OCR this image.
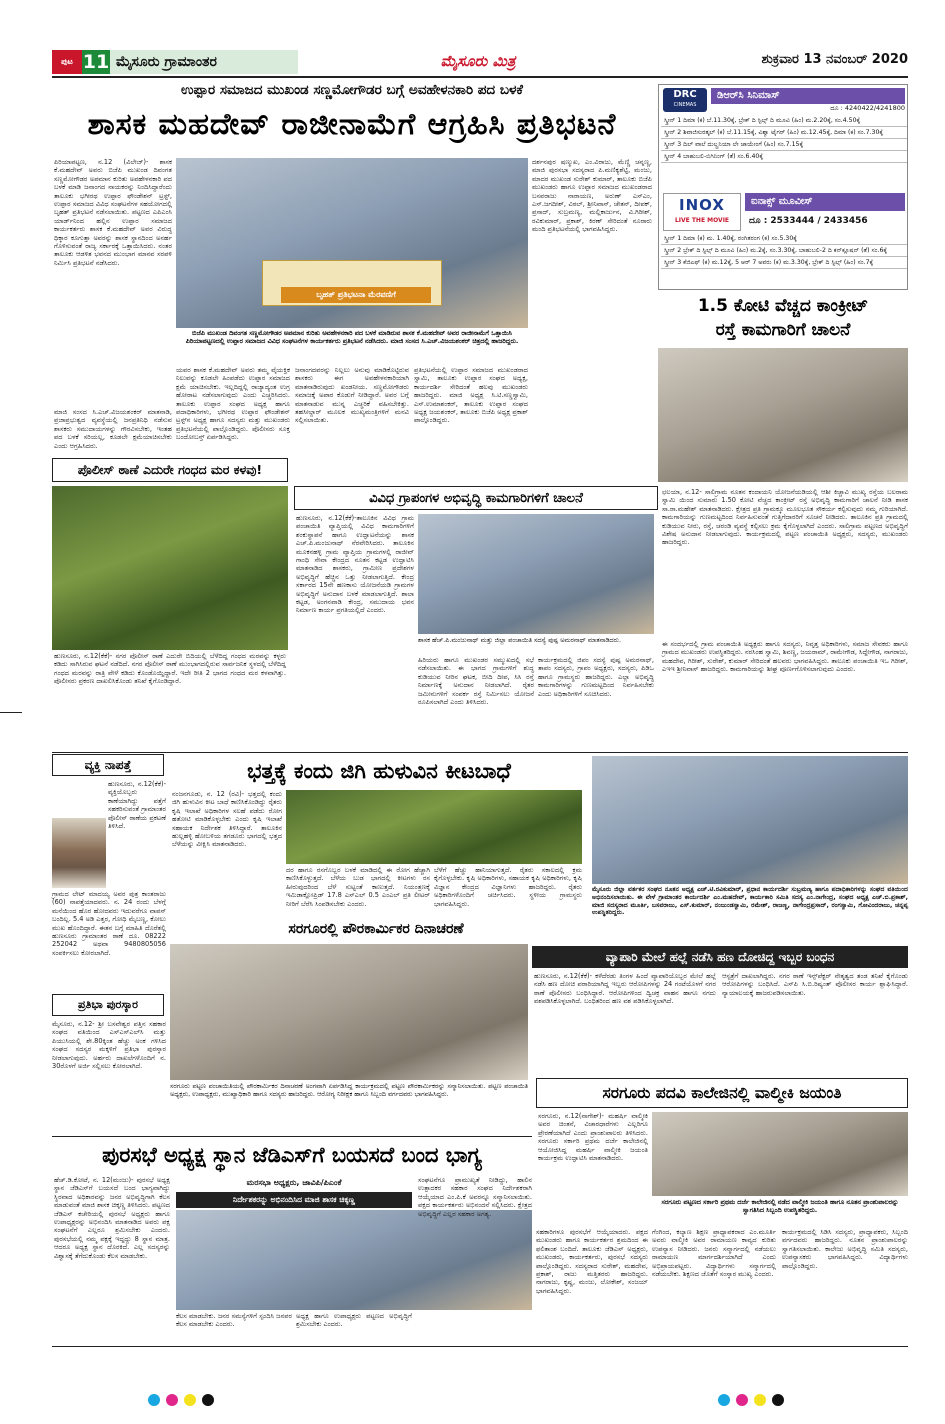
ಪುಟ 11 ಮೈಸೂರು ಗ್ರಾಮಾಂತರ	ಮೈಸೂರು ಮಿತ್ರ	ಶುಕ್ರವಾರ 13 ನವಂಬರ್ 2020
ಉಪ್ಪಾರ ಸಮಾಜದ ಮುಖಂಡ ಸಣ್ಣಮೋಗೌಡರ ಬಗ್ಗೆ ಅವಹೇಳನಕಾರಿ ಪದ ಬಳಕೆ
ಶಾಸಕ ಮಹದೇವ್ ರಾಜೀನಾಮೆಗೆ ಆಗ್ರಹಿಸಿ ಪ್ರತಿಭಟನೆ
ಪಿರಿಯಾಪಟ್ಟಣ, ನ.12 (ವಿಲೇಜ್)- ಶಾಸಕ ಕೆ.ಮಹದೇವ್ ಅವರು ಬಿಜೆಪಿ ಮುಖಂಡ ದಿವಂಗತ ಸಣ್ಣಮೋಗೌಡರ ಅಪಮಾನ ಕುರಿತು ಅವಹೇಳನಕಾರಿ ಪದ ಬಳಕೆ ಮಾಡಿ ಜನಾಂಗದ ನಾಯಕರನ್ನು ನಿಂದಿಸಿದ್ದಾರೆಂದು ತಾಲೂಕು ಭಗೀರಥ ಉಪ್ಪಾರ ಫೌಂಡೇಶನ್ ಟ್ರಸ್ಟ್, ಉಪ್ಪಾರ ಸಮಾಜದ ವಿವಿಧ ಸಂಘಟನೆಗಳ ಸಹಯೋಗದಲ್ಲಿ ಬೃಹತ್ ಪ್ರತಿಭಟನೆ ನಡೆಸಲಾಯಿತು. ಪಟ್ಟಣದ ಎಪಿಎಂಸಿ ಯಾರ್ಡ್‌ನಿಂದ ಹಲ್ಲಿನ ಉಪ್ಪಾರ ಸಮಾಜದ ಕಾರ್ಯಕರ್ತರು ಶಾಸಕ ಕೆ.ಮಹದೇವ್ ಅವರ ವಿರುದ್ಧ ಧಿಕ್ಕಾರ ಕೂಗುತ್ತಾ ಅವರನ್ನು ಶಾಸಕ ಸ್ಥಾನದಿಂದ ಅನರ್ಹ ಗೊಳಿಸುವಂತೆ ರಾಜ್ಯ ಸರ್ಕಾರಕ್ಕೆ ಒತ್ತಾಯಿಸಿದರು. ನಂತರ ತಾಲೂಕು ಆಡಳಿತ ಭವನದ ಮುಂಭಾಗ ಮಾನವ ಸರಪಳಿ ನಿರ್ಮಿಸಿ ಪ್ರತಿಭಟನೆ ನಡೆಸಿದರು.
ಮಾಜಿ ಸಂಸದ ಸಿ.ಎಚ್.ವಿಜಯಶಂಕರ್ ಮಾತನಾಡಿ, ಪ್ರಜಾಪ್ರಭುತ್ವದ ವ್ಯವಸ್ಥೆಯಲ್ಲಿ ಜನಪ್ರತಿನಿಧಿ ನಡೆಸುವ ಶಾಸಕರು ಸಮುದಾಯಗಳನ್ನು ಗೌರವಿಸಬೇಕು, ಇಂತಹ ಪದ ಬಳಕೆ ಸರಿಯಲ್ಲ, ಕೂಡಲೇ ಕ್ಷಮೆಯಾಚಿಸಬೇಕು ಎಂದು ಆಗ್ರಹಿಸಿದರು.
ಬೃಹತ್ ಪ್ರತಿಭಟನಾ ಮೆರವಣಿಗೆ
ಬಿಜೆಪಿ ಮುಖಂಡ ದಿವಂಗತ ಸಣ್ಣಮೋಗೌಡರ ಅಪಮಾನ ಕುರಿತು ಅವಹೇಳನಕಾರಿ ಪದ ಬಳಕೆ ಮಾಡಿರುವ ಶಾಸಕ ಕೆ.ಮಹದೇವ್ ಅವರ ರಾಜೀನಾಮೆಗೆ ಒತ್ತಾಯಿಸಿ ಪಿರಿಯಾಪಟ್ಟಣದಲ್ಲಿ ಉಪ್ಪಾರ ಸಮಾಜದ ವಿವಿಧ ಸಂಘಟನೆಗಳ ಕಾರ್ಯಕರ್ತರು ಪ್ರತಿಭಟನೆ ನಡೆಸಿದರು. ಮಾಜಿ ಸಂಸದ ಸಿ.ಎಚ್.ವಿಜಯಶಂಕರ್ ಚಿತ್ರದಲ್ಲಿ ಹಾಜರಿದ್ದರು.
ಯವರ ಶಾಸಕ ಕೆ.ಮಹದೇವ್ ಅವರು ತಮ್ಮ ವೈಯಕ್ತಿಕ ನಿಲುವನ್ನು ಕೂಡಲೇ ಹಿಂಪಡೆದು ಉಪ್ಪಾರ ಸಮಾಜದ ಕ್ಷಮೆ ಯಾಚಿಸಬೇಕು. ಇಲ್ಲದಿದ್ದಲ್ಲಿ ರಾಜ್ಯಾದ್ಯಂತ ಉಗ್ರ ಹೋರಾಟ ನಡೆಸಲಾಗುವುದು ಎಂದು ಎಚ್ಚರಿಸಿದರು. ತಾಲೂಕು ಉಪ್ಪಾರ ಸಂಘದ ಅಧ್ಯಕ್ಷ ಹಾಗೂ ಪದಾಧಿಕಾರಿಗಳು, ಭಗೀರಥ ಉಪ್ಪಾರ ಫೌಂಡೇಶನ್ ಟ್ರಸ್ಟ್‌ನ ಅಧ್ಯಕ್ಷ ಹಾಗೂ ಸದಸ್ಯರು ಮತ್ತು ಮುಖಂಡರು ಪ್ರತಿಭಟನೆಯಲ್ಲಿ ಪಾಲ್ಗೊಂಡಿದ್ದರು. ಪೊಲೀಸರು ಸೂಕ್ತ ಬಂದೋಬಸ್ತ್ ಏರ್ಪಡಿಸಿದ್ದರು.
ಜನಾಂಗದವರನ್ನು ನಿಲ್ಲಲು ಅನುವು ಮಾಡಿಕೊಟ್ಟಿರುವ ಶಾಸಕರು ಈಗ ಅವಹೇಳನಕಾರಿಯಾಗಿ ಮಾತನಾಡಿರುವುದು ಖಂಡನೀಯ. ಸಣ್ಣಮೋಗೌಡರು ಸಮಾಜಕ್ಕೆ ಅಪಾರ ಕೊಡುಗೆ ನೀಡಿದ್ದಾರೆ. ಅವರ ಬಗ್ಗೆ ಮಾತನಾಡುವ ಮುನ್ನ ಎಚ್ಚರಿಕೆ ವಹಿಸಬೇಕಿತ್ತು. ತಹಸೀಲ್ದಾರ್ ಮೂಲಕ ಮುಖ್ಯಮಂತ್ರಿಗಳಿಗೆ ಮನವಿ ಸಲ್ಲಿಸಲಾಯಿತು.
ಪ್ರತಿಭಟನೆಯಲ್ಲಿ ಉಪ್ಪಾರ ಸಮಾಜದ ಮುಖಂಡರಾದ ಸ್ವಾಮಿ, ತಾಲೂಕು ಉಪ್ಪಾರ ಸಂಘದ ಅಧ್ಯಕ್ಷ, ಕಾರ್ಯದರ್ಶಿ ಸೇರಿದಂತೆ ಹಲವು ಮುಖಂಡರು ಹಾಜರಿದ್ದರು. ಮಾಜಿ ಅಧ್ಯಕ್ಷ ಸಿ.ಟಿ.ಸಣ್ಣಸ್ವಾಮಿ, ಎಸ್.ಉಮಾಶಂಕರ್, ತಾಲೂಕು ಉಪ್ಪಾರ ಸಂಘದ ಅಧ್ಯಕ್ಷ ಜಯಶಂಕರ್, ತಾಲೂಕು ಬಿಜೆಪಿ ಅಧ್ಯಕ್ಷ ಪ್ರಕಾಶ್ ಪಾಲ್ಗೊಂಡಿದ್ದರು.
ದರ್ಶನಪುರ ಷಣ್ಮುಖ, ಎಂ.ವಿರಾಜು, ಮೆಣ್ಣಿ ಚನ್ನಣ್ಣ, ಮಾಜಿ ಪುರಸಭಾ ಸದಸ್ಯರಾದ ಪಿ.ಮಣಿಕ್ಯಶೆಟ್ಟಿ, ಮಂಜು, ಮಾದರ ಮುಖಂಡ ಸುರೇಶ್ ಕುಮಾರ್, ತಾಲೂಕು ಬಿಜೆಪಿ ಮುಖಂಡರು ಹಾಗೂ ಉಪ್ಪಾರ ಸಮಾಜದ ಮುಖಂಡರಾದ ಬಸವರಾಜು ನಾರಾಯಣ, ಅರುಣ್ ಎಸ್‌ಎಂ, ಎಸ್.ಜಗದೀಶ್, ವಿಠಲ್, ಶ್ರೀನಿವಾಸ್, ಚೇತನ್, ದೀಪಕ್, ಪ್ರಸಾದ್, ಸುಬ್ರಮಣ್ಯ, ಮಲ್ಲಿಕಾರ್ಜುನ, ವಿ.ಗಿರೀಶ್, ರವಿಕುಮಾರ್, ಪ್ರಕಾಶ್, ಕಿರಣ್ ಸೇರಿದಂತೆ ನೂರಾರು ಮಂದಿ ಪ್ರತಿಭಟನೆಯಲ್ಲಿ ಭಾಗವಹಿಸಿದ್ದರು.
DRC
CINEMAS
ಡಿಆರ್‌ಸಿ ಸಿನಿಮಾಸ್
ದೂ : 4240422/4241800
ಸ್ಕ್ರೀನ್ 1 ದಿಮಾ (ಕ) ಬೆ.11.30ಕ್ಕೆ, ಬ್ರೇಕ್ ದಿ ಸ್ಟಿಲ್ಸ್ ದಿ ಮೂವಿ (ಹಿಂ) ಮ.2.20ಕ್ಕೆ, ಸಂ.4.50ಕ್ಕೆ
ಸ್ಕ್ರೀನ್ 2 ಶಿವಾಜಿಸುರತ್ಕಲ್ (ಕ) ಬೆ.11.15ಕ್ಕೆ, ವಿಶ್ವಾ ಟೈಗರ್ (ಹಿಂ) ಮ.12.45ಕ್ಕೆ, ದಿಮಾ (ಕ) ಸಂ.7.30ಕ್ಕೆ
ಸ್ಕ್ರೀನ್ 3 ದಿಲ್ ವಾಲೆ ದುಲ್ಹನಿಯಾ ಲೇ ಜಾಯೇಂಗೆ (ಹಿಂ) ಸಂ.7.15ಕ್ಕೆ
ಸ್ಕ್ರೀನ್ 4 ಬಾಹುಬಲಿ-ಬಿಗಿನಿಂಗ್ (ತೆ) ಸಂ.6.40ಕ್ಕೆ
INOX
LIVE THE MOVIE
ಐನಾಕ್ಸ್ ಮೂವೀಸ್
ದೂ : 2533444 / 2433456
ಸ್ಕ್ರೀನ್ 1 ದಿಮಾ (ಕ) ಮ. 1.40ಕ್ಕೆ, ರಂಗಿತರಂಗ (ಕ) ಸಂ.5.30ಕ್ಕೆ
ಸ್ಕ್ರೀನ್ 2 ಬ್ರೇಕ್ ದಿ ಸ್ಟಿಲ್ಸ್ ದಿ ಮೂವಿ (ಹಿಂ) ಮ.2ಕ್ಕೆ, ಸಂ.3.30ಕ್ಕೆ, ಬಾಹುಬಲಿ-2 ದಿ ಕನ್‌ಕ್ಲೂಷನ್ (ತೆ) ಸಂ.6ಕ್ಕೆ
ಸ್ಕ್ರೀನ್ 3 ಕೆಜಿಎಫ್ (ಕ) ಮ.12ಕ್ಕೆ, 5 ಆರ್ 7 ಅವರು (ಕ) ಮ.3.30ಕ್ಕೆ, ಬ್ರೇಕ್ ದಿ ಸ್ಟಿಲ್ಸ್ (ಹಿಂ) ಸಂ.7ಕ್ಕೆ
1.5 ಕೋಟಿ ವೆಚ್ಚದ ಕಾಂಕ್ರೀಟ್
ರಸ್ತೆ ಕಾಮಗಾರಿಗೆ ಚಾಲನೆ
ಪೊಲೀಸ್ ಠಾಣೆ ಎದುರೇ ಗಂಧದ ಮರ ಕಳವು!
ಹುಣಸೂರು, ನ.12(ಕೆಕೆ)- ನಗರ ಪೊಲೀಸ್ ಠಾಣೆ ಎದುರೇ ಬಿದಿಯಲ್ಲಿ ಬೆಳೆದಿದ್ದ ಗಂಧದ ಮರವನ್ನು ಕಳ್ಳರು ಕಡಿದು ಸಾಗಿಸಿರುವ ಘಟನೆ ನಡೆದಿದೆ. ನಗರ ಪೊಲೀಸ್ ಠಾಣೆ ಮುಂಭಾಗದಲ್ಲಿರುವ ಸಾರ್ವಜನಿಕ ಸ್ಥಳದಲ್ಲಿ ಬೆಳೆದಿದ್ದ ಗಂಧದ ಮರವನ್ನು ರಾತ್ರಿ ವೇಳೆ ಕಡಿದು ಕೊಂಡೊಯ್ದಿದ್ದಾರೆ. ಇದೇ ರೀತಿ 2 ಭಾಗದ ಗಂಧದ ಮರ ಕಳವಾಗಿತ್ತು. ಪೊಲೀಸರು ಪ್ರಕರಣ ದಾಖಲಿಸಿಕೊಂಡು ತನಿಖೆ ಕೈಗೊಂಡಿದ್ದಾರೆ.
ವಿವಿಧ ಗ್ರಾಪಂಗಳ ಅಭಿವೃದ್ಧಿ ಕಾಮಗಾರಿಗಳಿಗೆ ಚಾಲನೆ
ಹುಣಸೂರು, ನ.12(ಕೆಕೆ)-ತಾಲೂಕಿನ ವಿವಿಧ ಗ್ರಾಮ ಪಂಚಾಯಿತಿ ವ್ಯಾಪ್ತಿಯಲ್ಲಿ ವಿವಿಧ ಕಾಮಗಾರಿಗಳಿಗೆ ಶಂಕುಸ್ಥಾಪನೆ ಹಾಗೂ ಉದ್ಘಾಟನೆಯನ್ನು ಶಾಸಕ ಎಚ್.ಪಿ.ಮಂಜುನಾಥ್ ನೆರವೇರಿಸಿದರು. ತಾಲೂಕಿನ ಮೂಕನಹಳ್ಳಿ ಗ್ರಾಮ ವ್ಯಾಪ್ತಿಯ ಗ್ರಾಮಗಳಲ್ಲಿ ರಾಜೀವ್ ಗಾಂಧಿ ಸೇವಾ ಕೇಂದ್ರದ ನೂತನ ಕಟ್ಟಡ ಉದ್ಘಾಟಿಸಿ ಮಾತನಾಡಿದ ಶಾಸಕರು, ಗ್ರಾಮೀಣ ಪ್ರದೇಶಗಳ ಅಭಿವೃದ್ಧಿಗೆ ಹೆಚ್ಚಿನ ಒತ್ತು ನೀಡಲಾಗುತ್ತಿದೆ. ಕೇಂದ್ರ ಸರ್ಕಾರದ 15ನೇ ಹಣಕಾಸು ಯೋಜನೆಯಡಿ ಗ್ರಾಮಗಳ ಅಭಿವೃದ್ಧಿಗೆ ಅನುದಾನ ಬಳಕೆ ಮಾಡಲಾಗುತ್ತಿದೆ. ಶಾಲಾ ಕಟ್ಟಡ, ಅಂಗನವಾಡಿ ಕೇಂದ್ರ, ಸಮುದಾಯ ಭವನ ನಿರ್ಮಾಣ ಕಾರ್ಯ ಪ್ರಗತಿಯಲ್ಲಿದೆ ಎಂದರು.
ಶಾಸಕ ಹೆಚ್.ಪಿ.ಮಂಜುನಾಥ್ ಮತ್ತು ಜಿಲ್ಲಾ ಪಂಚಾಯಿತಿ ಸದಸ್ಯೆ ಪುಷ್ಪ ಅಮರನಾಥ್ ಮಾತನಾಡಿದರು.
ಹಿರಿಯರು ಹಾಗೂ ಮುಖಂಡರ ಸಮ್ಮುಖದಲ್ಲಿ ಸಭೆ ನಡೆಸಲಾಯಿತು. ಈ ಭಾಗದ ಗ್ರಾಮಗಳಿಗೆ ಶುದ್ಧ ಕುಡಿಯುವ ನೀರಿನ ಘಟಕ, ಬೀದಿ ದೀಪ, ಸಿಸಿ ರಸ್ತೆ ನಿರ್ಮಾಣಕ್ಕೆ ಅನುದಾನ ನೀಡಲಾಗಿದೆ. ರೈತರ ಜಮೀನುಗಳಿಗೆ ಸಂಪರ್ಕ ರಸ್ತೆ ನಿರ್ಮಿಸಲು ಯೋಜನೆ ರೂಪಿಸಲಾಗಿದೆ ಎಂದು ತಿಳಿಸಿದರು.
ಕಾರ್ಯಕ್ರಮದಲ್ಲಿ ಜಿಪಂ ಸದಸ್ಯೆ ಪುಷ್ಪ ಅಮರನಾಥ್, ತಾಪಂ ಸದಸ್ಯರು, ಗ್ರಾಪಂ ಅಧ್ಯಕ್ಷರು, ಸದಸ್ಯರು, ಪಿಡಿಒ ಹಾಗೂ ಗ್ರಾಮಸ್ಥರು ಹಾಜರಿದ್ದರು. ಎಲ್ಲಾ ಅಭಿವೃದ್ಧಿ ಕಾಮಗಾರಿಗಳನ್ನು ಗುಣಮಟ್ಟದಿಂದ ನಿರ್ವಹಿಸಬೇಕು ಎಂದು ಅಧಿಕಾರಿಗಳಿಗೆ ಸೂಚಿಸಿದರು.
ಛಲಯಾ, ನ.12- ಸಾಲಿಗ್ರಾಮ ನೂತನ ಕಂದಾಯನಿ ಯೋಜನೆಯಡಿಯಲ್ಲಿ ಆಶೀ ಕಿಚ್ಚಾವಿ ಮುಖ್ಯ ರಸ್ತೆಯ ಬಲರಾಮ ಸ್ವಾಮಿ ಯಿಂದ ಸುಮಾರು 1.50 ಕೋಟಿ ವೆಚ್ಚದ ಕಾಂಕ್ರೀಟ್ ರಸ್ತೆ ಅಭಿವೃದ್ಧಿ ಕಾಮಗಾರಿಗೆ ಚಾಲನೆ ನೀಡಿ ಶಾಸಕ ಸಾ.ರಾ.ಮಹೇಶ್ ಮಾತನಾಡಿದರು. ಕ್ಷೇತ್ರದ ಪ್ರತಿ ಗ್ರಾಮಕ್ಕೂ ಮೂಲಭೂತ ಸೌಕರ್ಯ ಕಲ್ಪಿಸುವುದು ನಮ್ಮ ಗುರಿಯಾಗಿದೆ. ಕಾಮಗಾರಿಯನ್ನು ಗುಣಮಟ್ಟದಿಂದ ನಿರ್ವಹಿಸುವಂತೆ ಗುತ್ತಿಗೆದಾರರಿಗೆ ಸೂಚನೆ ನೀಡಿದರು. ತಾಲೂಕಿನ ಪ್ರತಿ ಗ್ರಾಮದಲ್ಲಿ ಕುಡಿಯುವ ನೀರು, ರಸ್ತೆ, ಚರಂಡಿ ವ್ಯವಸ್ಥೆ ಕಲ್ಪಿಸಲು ಕ್ರಮ ಕೈಗೊಳ್ಳಲಾಗಿದೆ ಎಂದರು. ಸಾಲಿಗ್ರಾಮ ಪಟ್ಟಣದ ಅಭಿವೃದ್ಧಿಗೆ ವಿಶೇಷ ಅನುದಾನ ನೀಡಲಾಗುವುದು. ಕಾರ್ಯಕ್ರಮದಲ್ಲಿ ಪಟ್ಟಣ ಪಂಚಾಯಿತಿ ಅಧ್ಯಕ್ಷರು, ಸದಸ್ಯರು, ಮುಖಂಡರು ಹಾಜರಿದ್ದರು.
ಈ ಸಂದರ್ಭದಲ್ಲಿ ಗ್ರಾಮ ಪಂಚಾಯಿತಿ ಅಧ್ಯಕ್ಷರು ಹಾಗೂ ಸದಸ್ಯರು, ನಿವೃತ್ತ ಅಧಿಕಾರಿಗಳು, ಸಮಾಜ ಸೇವಕರು ಹಾಗೂ ಗ್ರಾಮದ ಮುಖಂಡರು ಉಪಸ್ಥಿತರಿದ್ದರು. ನರಸಿಂಹ ಸ್ವಾಮಿ, ಶಿವಣ್ಣ, ಜಯರಾಮ್, ರಾಮೇಗೌಡ, ಸಿದ್ದೇಗೌಡ, ನಾಗರಾಜು, ಮಹದೇವ, ಗಿರೀಶ್, ಸುರೇಶ್, ಕುಮಾರ್ ಸೇರಿದಂತೆ ಹಲವರು ಭಾಗವಹಿಸಿದ್ದರು. ತಾಲೂಕು ಪಂಚಾಯಿತಿ ಇಒ ಗಿರೀಶ್, ಎಇಇ ಶ್ರೀನಿವಾಸ್ ಹಾಜರಿದ್ದರು. ಕಾಮಗಾರಿಯನ್ನು ಶೀಘ್ರ ಪೂರ್ಣಗೊಳಿಸಲಾಗುವುದು ಎಂದರು.
ವ್ಯಕ್ತಿ ನಾಪತ್ತೆ
ಹುಣಸೂರು, ನ.12(ಕೆಕೆ)- ವ್ಯಕ್ತಿಯೊಬ್ಬರು ಕಾಣೆಯಾಗಿದ್ದು ಪತ್ತೆಗೆ ಸಹಕರಿಸುವಂತೆ ಗ್ರಾಮಾಂತರ ಪೊಲೀಸ್ ಠಾಣೆಯ ಪ್ರಕಟಣೆ ತಿಳಿಸಿದೆ.
ಗ್ರಾಮದ ಲೇಟ್ ಮಾದಯ್ಯ ಅವರ ಪುತ್ರ ಕಾಂತರಾಜು (60) ನಾಪತ್ತೆಯಾದವರು. ನ. 24 ರಂದು ಬೆಳಗ್ಗೆ ಮನೆಯಿಂದ ಹೊರ ಹೋದವರು ಇದುವರೆಗೂ ವಾಪಸ್ ಬಂದಿಲ್ಲ. 5.4 ಅಡಿ ಎತ್ತರ, ಗೋಧಿ ಮೈಬಣ್ಣ, ಕೋಲು ಮುಖ ಹೊಂದಿದ್ದಾರೆ. ಈತನ ಬಗ್ಗೆ ಮಾಹಿತಿ ದೊರೆತಲ್ಲಿ ಹುಣಸೂರು ಗ್ರಾಮಾಂತರ ಠಾಣೆ ದೂ. 08222 252042 ಅಥವಾ 9480805056 ಸಂಪರ್ಕಿಸಲು ಕೋರಲಾಗಿದೆ.
ಪ್ರತಿಭಾ ಪುರಸ್ಕಾರ
ಮೈಸೂರು, ನ.12- ಶ್ರೀ ಬಸವೇಶ್ವರ ಪತ್ತಿನ ಸಹಕಾರ ಸಂಘದ ವತಿಯಿಂದ ಎಸ್‌ಎಸ್‌ಎಲ್‌ಸಿ ಮತ್ತು ಪಿಯುಸಿಯಲ್ಲಿ ಶೇ.80ಕ್ಕಿಂತ ಹೆಚ್ಚು ಅಂಕ ಗಳಿಸಿದ ಸಂಘದ ಸದಸ್ಯರ ಮಕ್ಕಳಿಗೆ ಪ್ರತಿಭಾ ಪುರಸ್ಕಾರ ನೀಡಲಾಗುವುದು. ಅರ್ಹರು ದಾಖಲೆಗಳೊಂದಿಗೆ ನ. 30ರೊಳಗೆ ಅರ್ಜಿ ಸಲ್ಲಿಸಲು ಕೋರಲಾಗಿದೆ.
ಭತ್ತಕ್ಕೆ ಕಂದು ಜಿಗಿ ಹುಳುವಿನ ಕೀಟಬಾಧೆ
ನಂಜನಗೂಡು, ನ. 12 (ರವಿ)- ಭತ್ತದಲ್ಲಿ ಕಂದು ಜಿಗಿ ಹುಳುವಿನ ಕೀಟ ಬಾಧೆ ಕಾಣಿಸಿಕೊಂಡಿದ್ದು ರೈತರು ಕೃಷಿ ಇಲಾಖೆ ಅಧಿಕಾರಿಗಳ ಸಲಹೆ ಪಡೆದು ರೋಗ ಹತೋಟಿ ಮಾಡಿಕೊಳ್ಳಬೇಕು ಎಂದು ಕೃಷಿ ಇಲಾಖೆ ಸಹಾಯಕ ನಿರ್ದೇಶಕ ತಿಳಿಸಿದ್ದಾರೆ. ತಾಲೂಕಿನ ಹುಲ್ಲಹಳ್ಳಿ ಹೋಬಳಿಯ ತಗಡೂರು ಭಾಗದಲ್ಲಿ ಭತ್ತದ ಬೆಳೆಯನ್ನು ವೀಕ್ಷಿಸಿ ಮಾತನಾಡಿದರು.
ದರ ಹಾಗೂ ರಸಗೊಬ್ಬರ ಬಳಕೆ ಮಾಡಿದಲ್ಲಿ ಈ ರೋಗ ಹೆಚ್ಚಾಗಿ ಕಾಣಿಸಿಕೊಳ್ಳುತ್ತದೆ. ಬೆಳೆಯ ಬುಡ ಭಾಗದಲ್ಲಿ ಕೀಟಗಳು ರಸ ಹೀರುವುದರಿಂದ ಬೆಳೆ ಸುಟ್ಟಂತೆ ಕಾಣುತ್ತದೆ. ನಿಯಂತ್ರಣಕ್ಕೆ ಇಮಿಡಾಕ್ಲೋಪ್ರಿಡ್ 17.8 ಎಸ್‌ಎಲ್ 0.5 ಎಂಎಲ್ ಪ್ರತಿ ಲೀಟರ್ ನೀರಿಗೆ ಬೆರೆಸಿ ಸಿಂಪಡಿಸಬೇಕು ಎಂದರು.
ಬೆಳೆಗೆ ಹೆಚ್ಚು ಹಾನಿಯಾಗುತ್ತದೆ. ರೈತರು ಸಕಾಲದಲ್ಲಿ ಕ್ರಮ ಕೈಗೊಳ್ಳಬೇಕು. ಕೃಷಿ ಅಧಿಕಾರಿಗಳು, ಸಹಾಯಕ ಕೃಷಿ ಅಧಿಕಾರಿಗಳು, ಕೃಷಿ ವಿಜ್ಞಾನ ಕೇಂದ್ರದ ವಿಜ್ಞಾನಿಗಳು ಹಾಜರಿದ್ದರು. ರೈತರು ಅಧಿಕಾರಿಗಳೊಂದಿಗೆ ಚರ್ಚಿಸಿದರು. ಸ್ಥಳೀಯ ಗ್ರಾಮಸ್ಥರು ಭಾಗವಹಿಸಿದ್ದರು.
ಮೈಸೂರು ಜಿಲ್ಲಾ ವರ್ತಕರ ಸಂಘದ ನೂತನ ಅಧ್ಯಕ್ಷ ಎಚ್.ಟಿ.ರವಿಕುಮಾರ್, ಪ್ರಧಾನ ಕಾರ್ಯದರ್ಶಿ ಸುಬ್ರಮಣ್ಯ ಹಾಗೂ ಪದಾಧಿಕಾರಿಗಳನ್ನು ಸಂಘದ ವತಿಯಿಂದ ಅಭಿನಂದಿಸಲಾಯಿತು. ಈ ವೇಳೆ ಗ್ರಾಮಾಂತರ ಕಾರ್ಯದರ್ಶಿ ಎಂ.ಮಹದೇವ್, ಕಾರ್ಯಕಾರಿ ಸಮಿತಿ ಸದಸ್ಯ ಎಂ.ನಾಗೇಂದ್ರ, ಸಂಘದ ಅಧ್ಯಕ್ಷ ಎಚ್.ಬಿ.ಪ್ರಕಾಶ್, ಮಾಜಿ ಸದಸ್ಯರಾದ ಮೂರ್ತಿ, ಬಸವರಾಜು, ಎಸ್.ಕುಮಾರ್, ನಂಜುಂಡಸ್ವಾಮಿ, ರಮೇಶ್, ರಾಜಣ್ಣ, ನಾಗೇಂದ್ರಪ್ರಸಾದ್, ರಂಗಸ್ವಾಮಿ, ಗೋವಿಂದರಾಜು, ಚನ್ನಪ್ಪ ಉಪಸ್ಥಿತರಿದ್ದರು.
ಸರಗೂರಲ್ಲಿ ಪೌರಕಾರ್ಮಿಕರ ದಿನಾಚರಣೆ
ಸರಗೂರು ಪಟ್ಟಣ ಪಂಚಾಯಿತಿಯಲ್ಲಿ ಪೌರಕಾರ್ಮಿಕರ ದಿನಾಚರಣೆ ಅಂಗವಾಗಿ ಏರ್ಪಡಿಸಿದ್ದ ಕಾರ್ಯಕ್ರಮದಲ್ಲಿ ಪಟ್ಟಣ ಪೌರಕಾರ್ಮಿಕರನ್ನು ಸನ್ಮಾನಿಸಲಾಯಿತು. ಪಟ್ಟಣ ಪಂಚಾಯಿತಿ ಅಧ್ಯಕ್ಷರು, ಉಪಾಧ್ಯಕ್ಷರು, ಮುಖ್ಯಾಧಿಕಾರಿ ಹಾಗೂ ಸದಸ್ಯರು ಹಾಜರಿದ್ದರು. ಆರೋಗ್ಯ ನಿರೀಕ್ಷಕ ಹಾಗೂ ಸಿಬ್ಬಂದಿ ವರ್ಗದವರು ಭಾಗವಹಿಸಿದ್ದರು.
ವ್ಯಾಪಾರಿ ಮೇಲೆ ಹಲ್ಲೆ ನಡೆಸಿ ಹಣ ದೋಚಿದ್ದ ಇಬ್ಬರ ಬಂಧನ
ಹುಣಸೂರು, ನ.12(ಕೆಕೆ)- ಕಳೆದೆರಡು ತಿಂಗಳ ಹಿಂದೆ ವ್ಯಾಪಾರಿಯೊಬ್ಬರ ಮೇಲೆ ಹಲ್ಲೆ ನಡೆಸಿ ಹಣ ದೋಚಿ ಪರಾರಿಯಾಗಿದ್ದ ಇಬ್ಬರು ಆರೋಪಿಗಳನ್ನು 24 ಗಂಟೆಯೊಳಗೆ ನಗರ ಠಾಣೆ ಪೊಲೀಸರು ಬಂಧಿಸಿದ್ದಾರೆ. ಆರೋಪಿಗಳಿಂದ ದ್ವಿಚಕ್ರ ವಾಹನ ಹಾಗೂ ನಗದು ವಶಪಡಿಸಿಕೊಳ್ಳಲಾಗಿದೆ. ಬಂಧಿತರಿಂದ ಹಣ ವಶ ಪಡಿಸಿಕೊಳ್ಳಲಾಗಿದೆ.
ಆಸ್ಪತ್ರೆಗೆ ದಾಖಲಾಗಿದ್ದರು. ನಗರ ಠಾಣೆ ಇನ್ಸ್‌ಪೆಕ್ಟರ್ ನೇತೃತ್ವದ ತಂಡ ತನಿಖೆ ಕೈಗೊಂಡು ಆರೋಪಿಗಳನ್ನು ಬಂಧಿಸಿದೆ. ಎಸ್‌ಪಿ ಸಿ.ಬಿ.ರಿಷ್ಯಂತ್ ಪೊಲೀಸರ ಕಾರ್ಯ ಶ್ಲಾಘಿಸಿದ್ದಾರೆ. ನ್ಯಾಯಾಲಯಕ್ಕೆ ಹಾಜರುಪಡಿಸಲಾಯಿತು.
ಸರಗೂರು ಪದವಿ ಕಾಲೇಜಿನಲ್ಲಿ ವಾಲ್ಮೀಕಿ ಜಯಂತಿ
ಸರಗೂರು, ನ.12(ನಾಗೇಶ್)- ಮಹರ್ಷಿ ವಾಲ್ಮೀಕಿ ಅವರ ಚಿಂತನೆ, ವಿಚಾರಧಾರೆಗಳು ಎಲ್ಲರಿಗೂ ಪ್ರೇರಣೆಯಾಗಿದೆ ಎಂದು ಪ್ರಾಂಶುಪಾಲರು ತಿಳಿಸಿದರು. ಸರಗೂರು ಸರ್ಕಾರಿ ಪ್ರಥಮ ದರ್ಜೆ ಕಾಲೇಜಿನಲ್ಲಿ ಆಯೋಜಿಸಿದ್ದ ಮಹರ್ಷಿ ವಾಲ್ಮೀಕಿ ಜಯಂತಿ ಕಾರ್ಯಕ್ರಮ ಉದ್ಘಾಟಿಸಿ ಮಾತನಾಡಿದರು.
ಸರಗೂರು ಪಟ್ಟಣದ ಸರ್ಕಾರಿ ಪ್ರಥಮ ದರ್ಜೆ ಕಾಲೇಜಿನಲ್ಲಿ ನಡೆದ ವಾಲ್ಮೀಕಿ ಜಯಂತಿ ಹಾಗೂ ನೂತನ ಪ್ರಾಂಶುಪಾಲರನ್ನು ಸ್ವಾಗತಿಸಿದ ಸಿಬ್ಬಂದಿ ಉಪಸ್ಥಿತರಿದ್ದರು.
ಗೆಂಗಿಂದ, ಕಲ್ಯಾಣ ಶಿಕ್ಷಣ ಪ್ರಾಧ್ಯಾಪಕರಾದ ಎಂ.ಮೂರ್ತಿ ಅವರು ವಾಲ್ಮೀಕಿ ಅವರ ರಾಮಾಯಣ ಕಾವ್ಯದ ಕುರಿತು ಉಪನ್ಯಾಸ ನೀಡಿದರು. ಜನರು ಸನ್ಮಾರ್ಗದಲ್ಲಿ ನಡೆಯಲು ರಾಮಾಯಣ ಮಾರ್ಗದರ್ಶಿಯಾಗಿದೆ ಎಂದು ಅಭಿಪ್ರಾಯಪಟ್ಟರು. ವಿದ್ಯಾರ್ಥಿಗಳು ಸನ್ಮಾರ್ಗದಲ್ಲಿ ನಡೆಯಬೇಕು. ಶಿಕ್ಷಣದ ಜೊತೆಗೆ ಸಂಸ್ಕಾರ ಮುಖ್ಯ ಎಂದರು.
ಕಾರ್ಯಕ್ರಮದಲ್ಲಿ ಸಿಡಿಸಿ ಸದಸ್ಯರು, ಪ್ರಾಧ್ಯಾಪಕರು, ಸಿಬ್ಬಂದಿ ವರ್ಗದವರು ಹಾಜರಿದ್ದರು. ನೂತನ ಪ್ರಾಂಶುಪಾಲರನ್ನು ಸ್ವಾಗತಿಸಲಾಯಿತು. ಕಾಲೇಜು ಅಭಿವೃದ್ಧಿ ಸಮಿತಿ ಸದಸ್ಯರು, ಉಪನ್ಯಾಸಕರು ಭಾಗವಹಿಸಿದ್ದರು. ವಿದ್ಯಾರ್ಥಿಗಳು ಪಾಲ್ಗೊಂಡಿದ್ದರು.
ಪುರಸಭೆ ಅಧ್ಯಕ್ಷ ಸ್ಥಾನ ಜೆಡಿಎಸ್‌ಗೆ ಬಯಸದೆ ಬಂದ ಭಾಗ್ಯ
ಹೆಚ್.ಡಿ.ಕೋಟೆ, ನ. 12(ಮಂಜು)- ಪುರಸಭೆ ಅಧ್ಯಕ್ಷ ಸ್ಥಾನ ಜೆಡಿಎಸ್‌ಗೆ ಬಯಸದೆ ಬಂದ ಭಾಗ್ಯವಾಗಿದ್ದು ಸ್ಥಿರವಾದ ಅಧಿಕಾರವನ್ನು ಜನರ ಅಭಿವೃದ್ಧಿಗಾಗಿ ಕೆಲಸ ಮಾಡುವಂತೆ ಮಾಜಿ ಶಾಸಕ ಚಿಕ್ಕಣ್ಣ ತಿಳಿಸಿದರು. ಪಟ್ಟಣದ ಜೆಡಿಎಸ್ ಕಚೇರಿಯಲ್ಲಿ ಪುರಸಭೆ ಅಧ್ಯಕ್ಷರು ಹಾಗೂ ಉಪಾಧ್ಯಕ್ಷರನ್ನು ಅಭಿನಂದಿಸಿ ಮಾತನಾಡಿದ ಅವರು ಪಕ್ಷ ಸಂಘಟನೆಗೆ ಎಲ್ಲರೂ ಶ್ರಮಿಸಬೇಕು ಎಂದರು. ಪುರಸಭೆಯಲ್ಲಿ ನಮ್ಮ ಪಕ್ಷಕ್ಕೆ ಇದ್ದದ್ದು 8 ಸ್ಥಾನ ಮಾತ್ರ. ಆದರೂ ಅಧ್ಯಕ್ಷ ಸ್ಥಾನ ದೊರಕಿದೆ. ಎಲ್ಲ ಸದಸ್ಯರನ್ನು ವಿಶ್ವಾಸಕ್ಕೆ ತೆಗೆದುಕೊಂಡು ಕೆಲಸ ಮಾಡಬೇಕು.
ಮರಸಭಾ ಅಧ್ಯಕ್ಷರು, ಜಾವಿಪಿ/ಪಿಎಂಕೆ
ನಿರ್ದೇಶಕರನ್ನು ಅಭಿನಂದಿಸಿದ ಮಾಜಿ ಶಾಸಕ ಚಿಕ್ಕಣ್ಣ
ಸಂಘಟನೆಗೂ ಪ್ರಾಮುಖ್ಯತೆ ನೀಡಿದ್ದು, ಹಾಲಿನ ಉತ್ಪಾದಕರ ಸಹಕಾರ ಸಂಘದ ನಿರ್ದೇಶಕರಾಗಿ ಆಯ್ಕೆಯಾದ ಎಂ.ಪಿ.ಕೆ ಅವರನ್ನೂ ಸನ್ಮಾನಿಸಲಾಯಿತು. ಪಕ್ಷದ ಕಾರ್ಯಕರ್ತರು ಅಭಿನಂದನೆ ಸಲ್ಲಿಸಿದರು. ಕ್ಷೇತ್ರದ ಅಭಿವೃದ್ಧಿಗೆ ಎಲ್ಲರ ಸಹಕಾರ ಅಗತ್ಯ.
ಕೆಲಸ ಮಾಡಬೇಕು. ಜನರ ಸಮಸ್ಯೆಗಳಿಗೆ ಸ್ಪಂದಿಸಿ ಜನಪರ ಕೆಲಸ ಮಾಡಬೇಕು ಎಂದರು.
ಅಧ್ಯಕ್ಷ ಹಾಗೂ ಉಪಾಧ್ಯಕ್ಷರು ಪಟ್ಟಣದ ಅಭಿವೃದ್ಧಿಗೆ ಶ್ರಮಿಸಬೇಕು ಎಂದರು.
ಸಹಕಾರಿಗಳೂ ಪುರಸಭೆಗೆ ಆಯ್ಕೆಯಾದರು. ಪಕ್ಷದ ಮುಖಂಡರು ಹಾಗೂ ಕಾರ್ಯಕರ್ತರ ಶ್ರಮದಿಂದ ಈ ಫಲಿತಾಂಶ ಬಂದಿದೆ. ತಾಲೂಕು ಜೆಡಿಎಸ್ ಅಧ್ಯಕ್ಷರು, ಮುಖಂಡರು, ಕಾರ್ಯಕರ್ತರು, ಪುರಸಭೆ ಸದಸ್ಯರು ಪಾಲ್ಗೊಂಡಿದ್ದರು. ಸದಸ್ಯರಾದ ಸುರೇಶ್, ಮಹದೇವ, ಪ್ರಕಾಶ್, ರಾಜು ಮತ್ತಿತರರು ಹಾಜರಿದ್ದರು. ನಾಗರಾಜು, ಕೃಷ್ಣ, ಮಂಜು, ಲೋಕೇಶ್, ಸಂಜಯ್ ಭಾಗವಹಿಸಿದ್ದರು.
